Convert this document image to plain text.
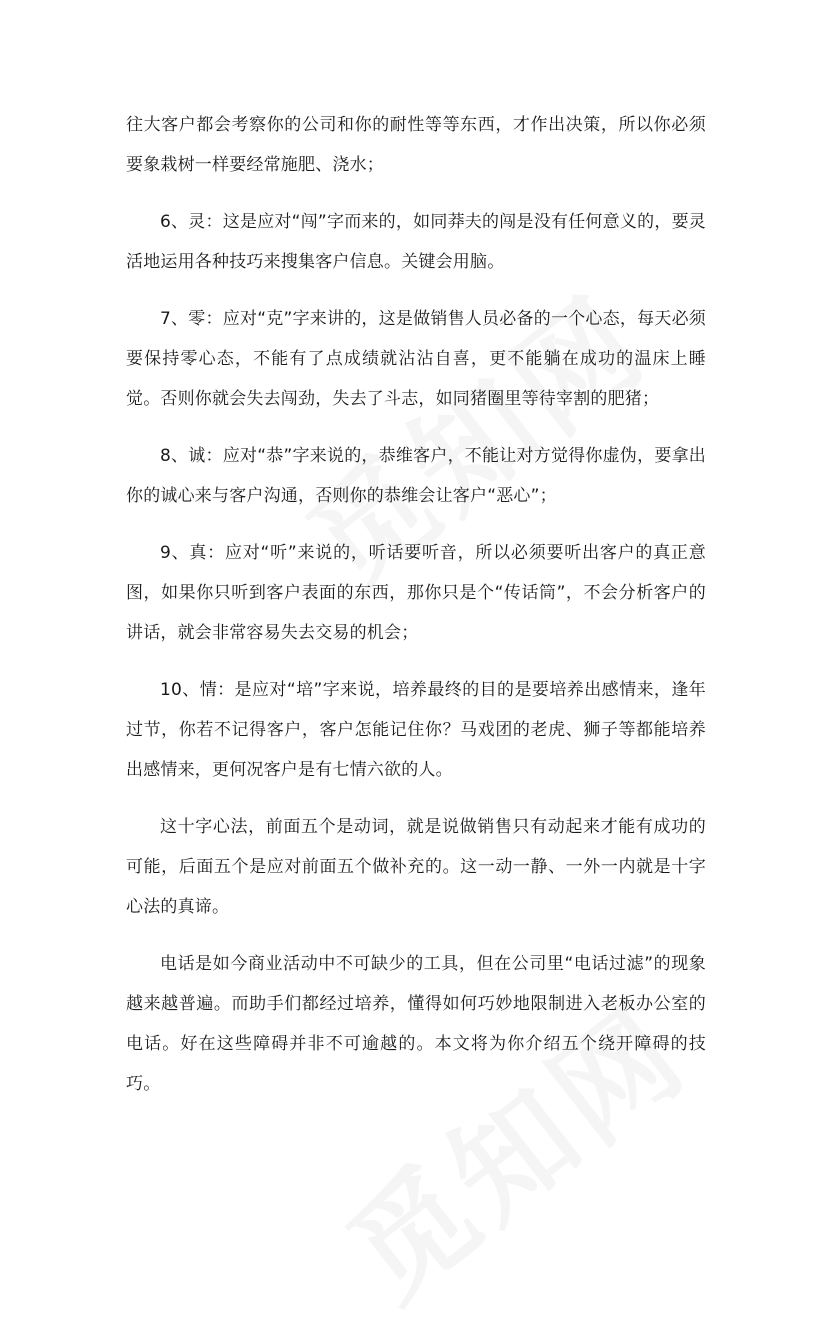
往大客户都会考察你的公司和你的耐性等等东西，才作出决策，所以你必须要象栽树一样要经常施肥、浇水；

6、灵：这是应对“闯”字而来的，如同莽夫的闯是没有任何意义的，要灵活地运用各种技巧来搜集客户信息。关键会用脑。

7、零：应对“克”字来讲的，这是做销售人员必备的一个心态，每天必须要保持零心态，不能有了点成绩就沾沾自喜，更不能躺在成功的温床上睡觉。否则你就会失去闯劲，失去了斗志，如同猪圈里等待宰割的肥猪；

8、诚：应对“恭”字来说的，恭维客户，不能让对方觉得你虚伪，要拿出你的诚心来与客户沟通，否则你的恭维会让客户“恶心”；

9、真：应对“听”来说的，听话要听音，所以必须要听出客户的真正意图，如果你只听到客户表面的东西，那你只是个“传话筒”，不会分析客户的讲话，就会非常容易失去交易的机会；

10、情：是应对“培”字来说，培养最终的目的是要培养出感情来，逢年过节，你若不记得客户，客户怎能记住你？马戏团的老虎、狮子等都能培养出感情来，更何况客户是有七情六欲的人。

这十字心法，前面五个是动词，就是说做销售只有动起来才能有成功的可能，后面五个是应对前面五个做补充的。这一动一静、一外一内就是十字心法的真谛。

电话是如今商业活动中不可缺少的工具，但在公司里“电话过滤”的现象越来越普遍。而助手们都经过培养，懂得如何巧妙地限制进入老板办公室的电话。好在这些障碍并非不可逾越的。本文将为你介绍五个绕开障碍的技巧。
